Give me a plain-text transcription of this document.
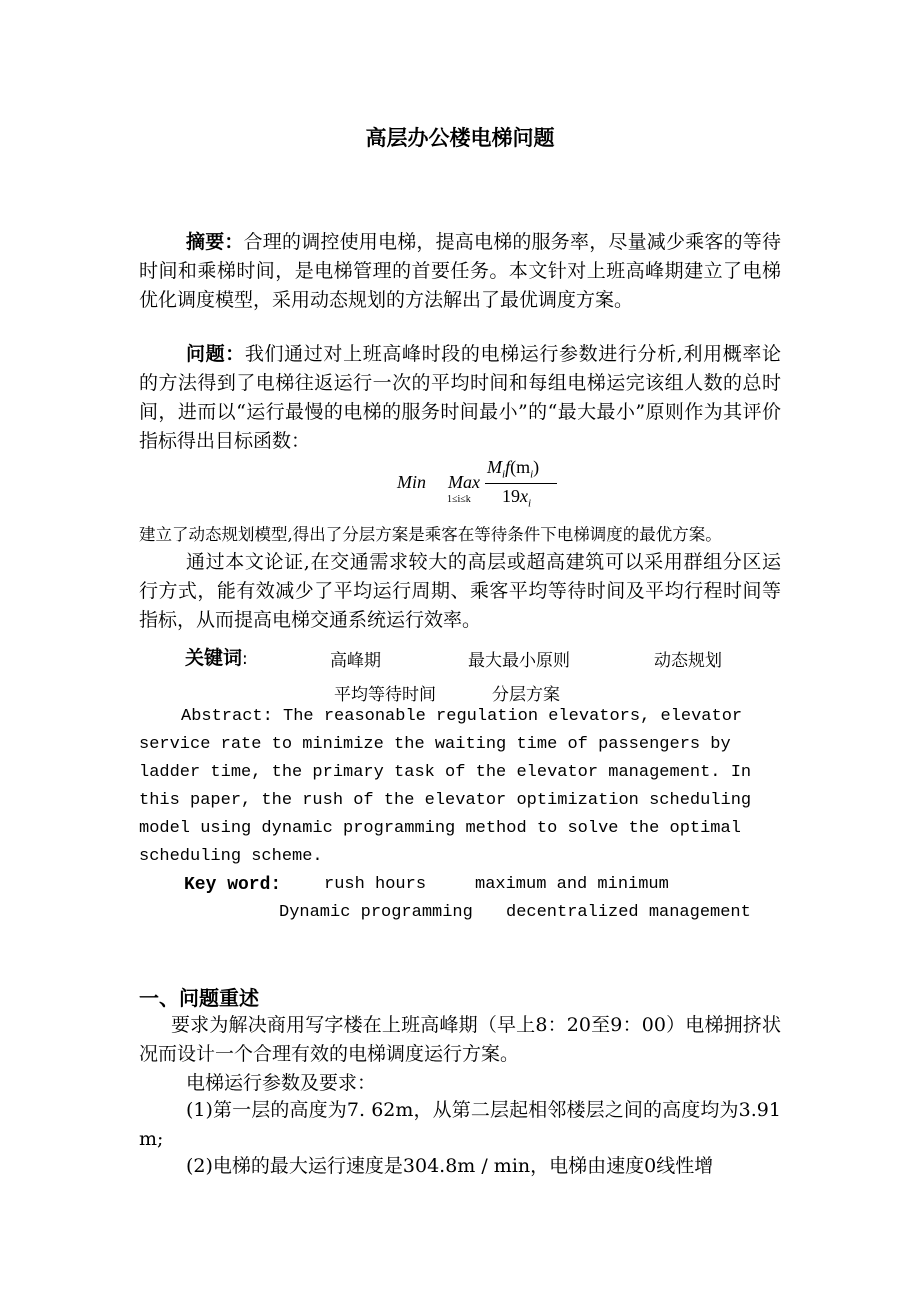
高层办公楼电梯问题
摘要：合理的调控使用电梯，提高电梯的服务率，尽量减少乘客的等待时间和乘梯时间，是电梯管理的首要任务。本文针对上班高峰期建立了电梯优化调度模型，采用动态规划的方法解出了最优调度方案。
问题：我们通过对上班高峰时段的电梯运行参数进行分析,利用概率论的方法得到了电梯往返运行一次的平均时间和每组电梯运完该组人数的总时间，进而以“运行最慢的电梯的服务时间最小”的“最大最小”原则作为其评价指标得出目标函数：
Min Max
1≤i≤k
$M_if(m_i)$
$19x_i$
建立了动态规划模型,得出了分层方案是乘客在等待条件下电梯调度的最优方案。
通过本文论证,在交通需求较大的高层或超高建筑可以采用群组分区运行方式，能有效减少了平均运行周期、乘客平均等待时间及平均行程时间等指标，从而提高电梯交通系统运行效率。
关键词:	高峰期	最大最小原则	动态规划
平均等待时间	分层方案
Abstract: The reasonable regulation elevators, elevator
service rate to minimize the waiting time of passengers by
ladder time, the primary task of the elevator management. In
this paper, the rush of the elevator optimization scheduling
model using dynamic programming method to solve the optimal
scheduling scheme.
Key word:	rush hours	maximum and minimum
Dynamic programming decentralized management
一、问题重述
要求为解决商用写字楼在上班高峰期（早上8：20至9：00）电梯拥挤状况而设计一个合理有效的电梯调度运行方案。
电梯运行参数及要求：
(1)第一层的高度为7. 62m，从第二层起相邻楼层之间的高度均为3.91 m;
(2)电梯的最大运行速度是304.8m / min，电梯由速度0线性增
